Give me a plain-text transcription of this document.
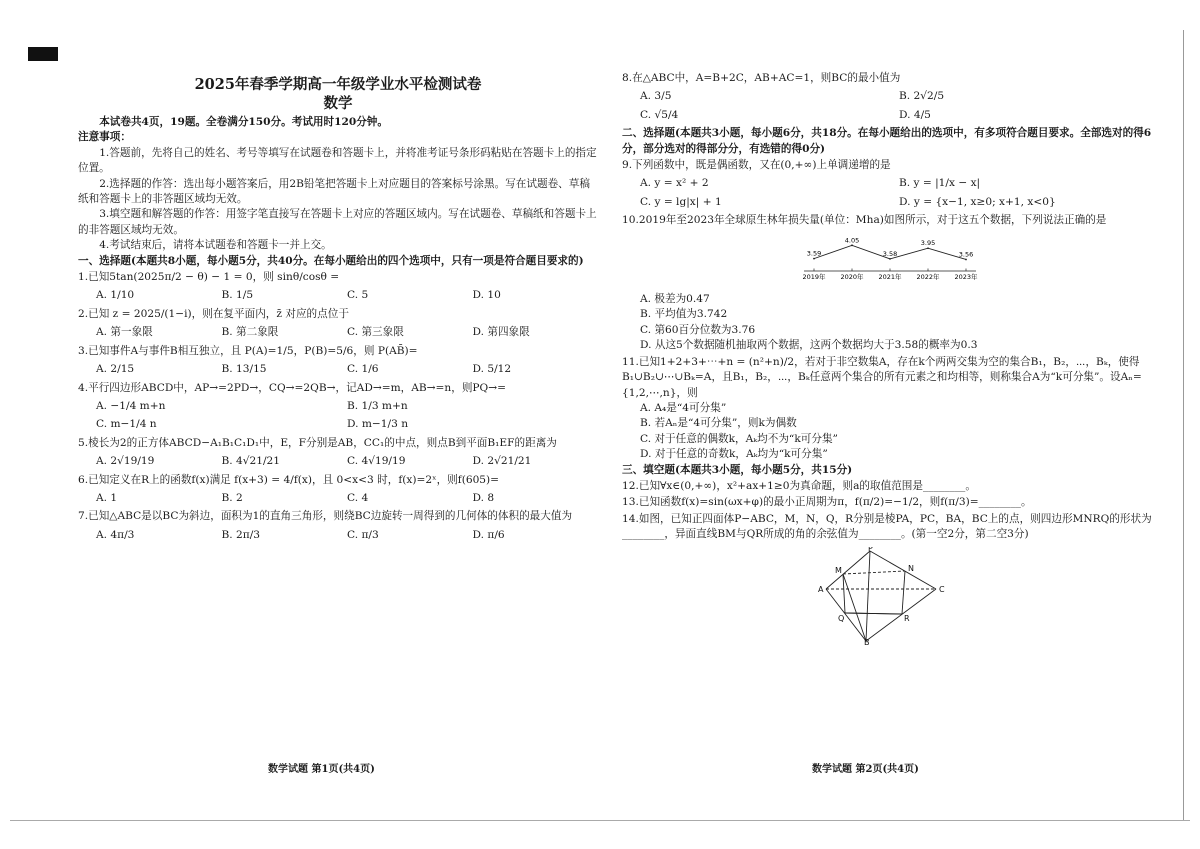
2025年春季学期高一年级学业水平检测试卷
数学
本试卷共4页，19题。全卷满分150分。考试用时120分钟。
注意事项：
1.答题前，先将自己的姓名、考号等填写在试题卷和答题卡上，并将准考证号条形码粘贴在答题卡上的指定位置。
2.选择题的作答：选出每小题答案后，用2B铅笔把答题卡上对应题目的答案标号涂黑。写在试题卷、草稿纸和答题卡上的非答题区域均无效。
3.填空题和解答题的作答：用签字笔直接写在答题卡上对应的答题区域内。写在试题卷、草稿纸和答题卡上的非答题区域均无效。
4.考试结束后，请将本试题卷和答题卡一并上交。
一、选择题(本题共8小题，每小题5分，共40分。在每小题给出的四个选项中，只有一项是符合题目要求的)
1.已知5tan(2025π/2 − θ) − 1 = 0，则 sinθ/cosθ =
A. 1/10	B. 1/5	C. 5	D. 10
2.已知 z = 2025/(1−i)，则在复平面内，z̄ 对应的点位于
A. 第一象限	B. 第二象限	C. 第三象限	D. 第四象限
3.已知事件A与事件B相互独立，且 P(A)=1/5，P(B)=5/6，则 P(AB̄)=
A. 2/15	B. 13/15	C. 1/6	D. 5/12
4.平行四边形ABCD中，AP→=2PD→，CQ→=2QB→，记AD→=m，AB→=n，则PQ→=
A. −1/4 m+n	B. 1/3 m+n
C. m−1/4 n	D. m−1/3 n
5.棱长为2的正方体ABCD−A₁B₁C₁D₁中，E，F分别是AB，CC₁的中点，则点B到平面B₁EF的距离为
A. 2√19/19	B. 4√21/21	C. 4√19/19	D. 2√21/21
6.已知定义在R上的函数f(x)满足 f(x+3) = 4/f(x)，且 0<x<3 时，f(x)=2ˣ，则f(605)=
A. 1	B. 2	C. 4	D. 8
7.已知△ABC是以BC为斜边，面积为1的直角三角形，则绕BC边旋转一周得到的几何体的体积的最大值为
A. 4π/3	B. 2π/3	C. π/3	D. π/6
8.在△ABC中，A=B+2C，AB+AC=1，则BC的最小值为
A. 3/5	B. 2√2/5
C. √5/4	D. 4/5
二、选择题(本题共3小题，每小题6分，共18分。在每小题给出的选项中，有多项符合题目要求。全部选对的得6分，部分选对的得部分分，有选错的得0分)
9.下列函数中，既是偶函数，又在(0,+∞)上单调递增的是
A. y = x² + 2	B. y = |1/x − x|
C. y = lg|x| + 1	D. y = {x−1, x≥0; x+1, x<0}
10.2019年至2023年全球原生林年损失量(单位：Mha)如图所示，对于这五个数据，下列说法正确的是
3.59
2019年
4.05
2020年
3.58
2021年
3.95
2022年
3.56
2023年
A. 极差为0.47
B. 平均值为3.742
C. 第60百分位数为3.76
D. 从这5个数据随机抽取两个数据，这两个数据均大于3.58的概率为0.3
11.已知1+2+3+⋯+n = (n²+n)/2，若对于非空数集A，存在k个两两交集为空的集合B₁，B₂，⋯，Bₖ，使得B₁∪B₂∪⋯∪Bₖ=A，且B₁，B₂，⋯，Bₖ任意两个集合的所有元素之和均相等，则称集合A为“k可分集”。设Aₙ={1,2,⋯,n}，则
A. A₄是“4可分集”
B. 若Aₙ是“4可分集”，则k为偶数
C. 对于任意的偶数k，Aₖ均不为“k可分集”
D. 对于任意的奇数k，Aₖ均为“k可分集”
三、填空题(本题共3小题，每小题5分，共15分)
12.已知∀x∈(0,+∞)，x²+ax+1≥0为真命题，则a的取值范围是________。
13.已知函数f(x)=sin(ωx+φ)的最小正周期为π，f(π/2)=−1/2，则f(π/3)=________。
14.如图，已知正四面体P−ABC，M，N，Q，R分别是棱PA，PC，BA，BC上的点，则四边形MNRQ的形状为________，异面直线BM与QR所成的角的余弦值为________。(第一空2分，第二空3分)
P
M	N
A	C
Q	R
B
数学试题 第1页(共4页)	数学试题 第2页(共4页)
